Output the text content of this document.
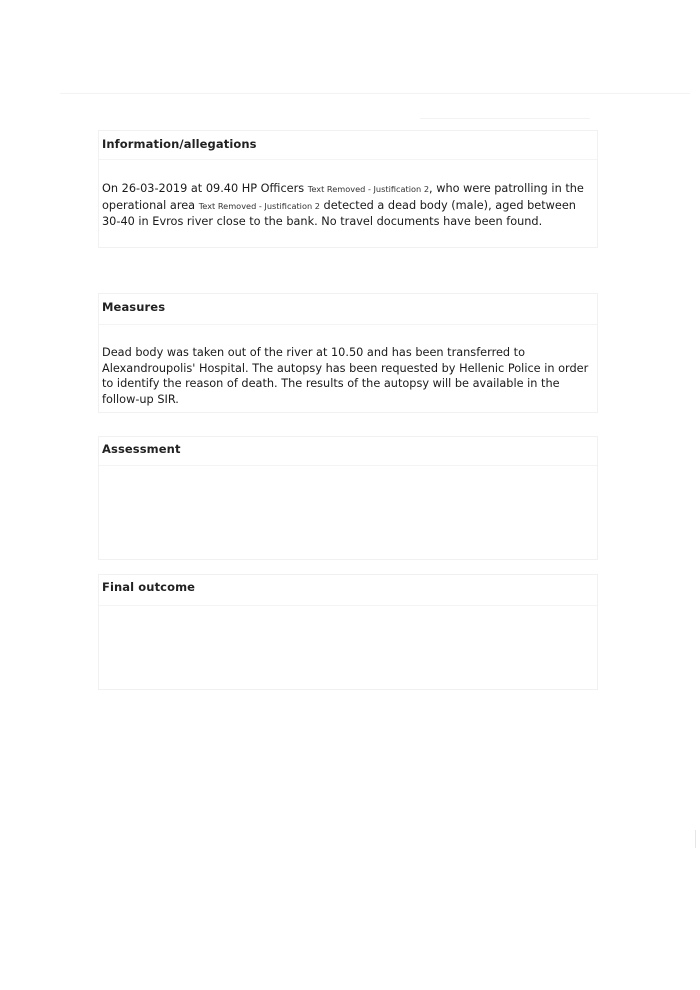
Information/allegations
On 26-03-2019 at 09.40 HP Officers Text Removed - Justification 2, who were patrolling in the operational area Text Removed - Justification 2 detected a dead body (male), aged between 30-40 in Evros river close to the bank. No travel documents have been found.
Measures
Dead body was taken out of the river at 10.50 and has been transferred to Alexandroupolis' Hospital. The autopsy has been requested by Hellenic Police in order to identify the reason of death. The results of the autopsy will be available in the follow-up SIR.
Assessment
Final outcome
